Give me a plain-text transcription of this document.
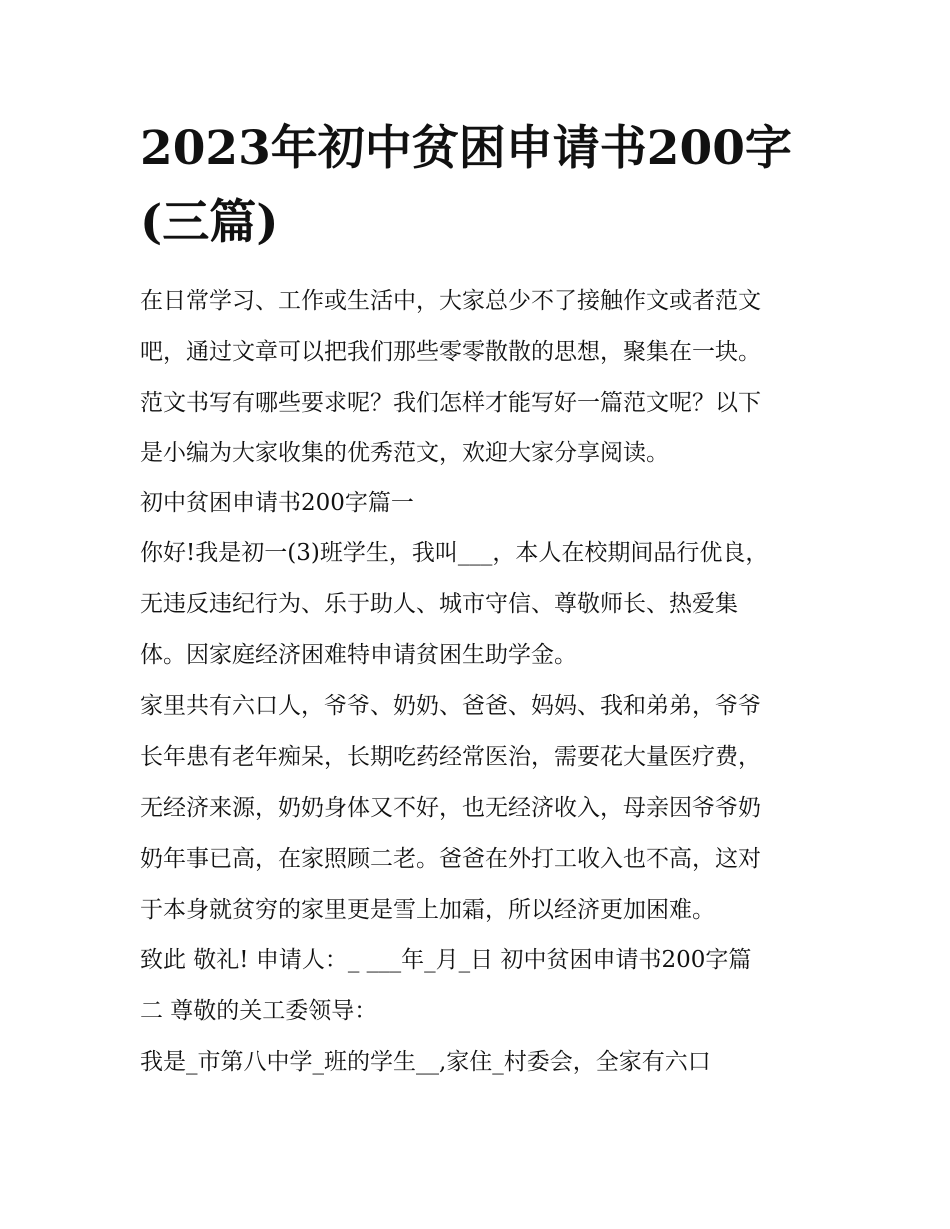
2023年初中贫困申请书200字
(三篇)

在日常学习、工作或生活中，大家总少不了接触作文或者范文

吧，通过文章可以把我们那些零零散散的思想，聚集在一块。

范文书写有哪些要求呢？我们怎样才能写好一篇范文呢？以下

是小编为大家收集的优秀范文，欢迎大家分享阅读。

初中贫困申请书200字篇一

你好!我是初一(3)班学生，我叫___，本人在校期间品行优良，

无违反违纪行为、乐于助人、城市守信、尊敬师长、热爱集

体。因家庭经济困难特申请贫困生助学金。

家里共有六口人，爷爷、奶奶、爸爸、妈妈、我和弟弟，爷爷

长年患有老年痴呆，长期吃药经常医治，需要花大量医疗费，

无经济来源，奶奶身体又不好，也无经济收入，母亲因爷爷奶

奶年事已高，在家照顾二老。爸爸在外打工收入也不高，这对

于本身就贫穷的家里更是雪上加霜，所以经济更加困难。

致此 敬礼! 申请人：_ ___年_月_日 初中贫困申请书200字篇

二 尊敬的关工委领导：

我是_市第八中学_班的学生__,家住_村委会，全家有六口
